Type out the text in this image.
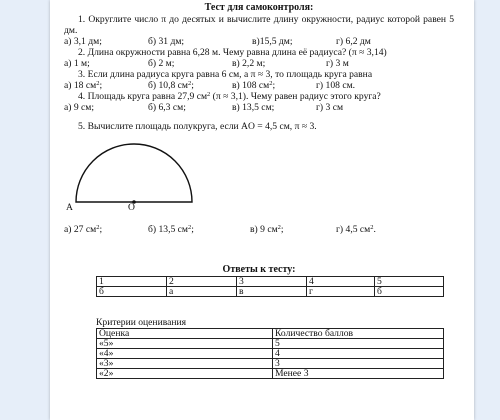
Тест для самоконтроля:
1. Округлите число π до десятых и вычислите длину окружности, радиус которой равен 5 дм.
а) 3,1 дм;	б) 31 дм;	в)15,5 дм;	г) 6,2 дм
2. Длина окружности равна 6,28 м. Чему равна длина её радиуса? (π ≈ 3,14)
а) 1 м;	б) 2 м;	в) 2,2 м;	г) 3 м
3. Если длина радиуса круга равна 6 см, а π ≈ 3, то площадь круга равна
а) 18 см2;	б) 10,8 см2;	в) 108 см2;	г) 108 см.
4. Площадь круга равна 27,9 $см^2$ (π ≈ 3,1). Чему равен радиус этого круга?
а) 9 см;	б) 6,3 см;	в) 13,5 см;	г) 3 см
5. Вычислите площадь полукруга, если AO = 4,5 см, π ≈ 3.
A	O
а) 27 см2;	б) 13,5 см2;	в) 9 см2;	г) 4,5 см2.
Ответы к тесту:
1	2	3	4	5
б	а	в	г	б
Критерии оценивания
Оценка	Количество баллов
«5»	5
«4»	4
«3»	3
«2»	Менее 3
